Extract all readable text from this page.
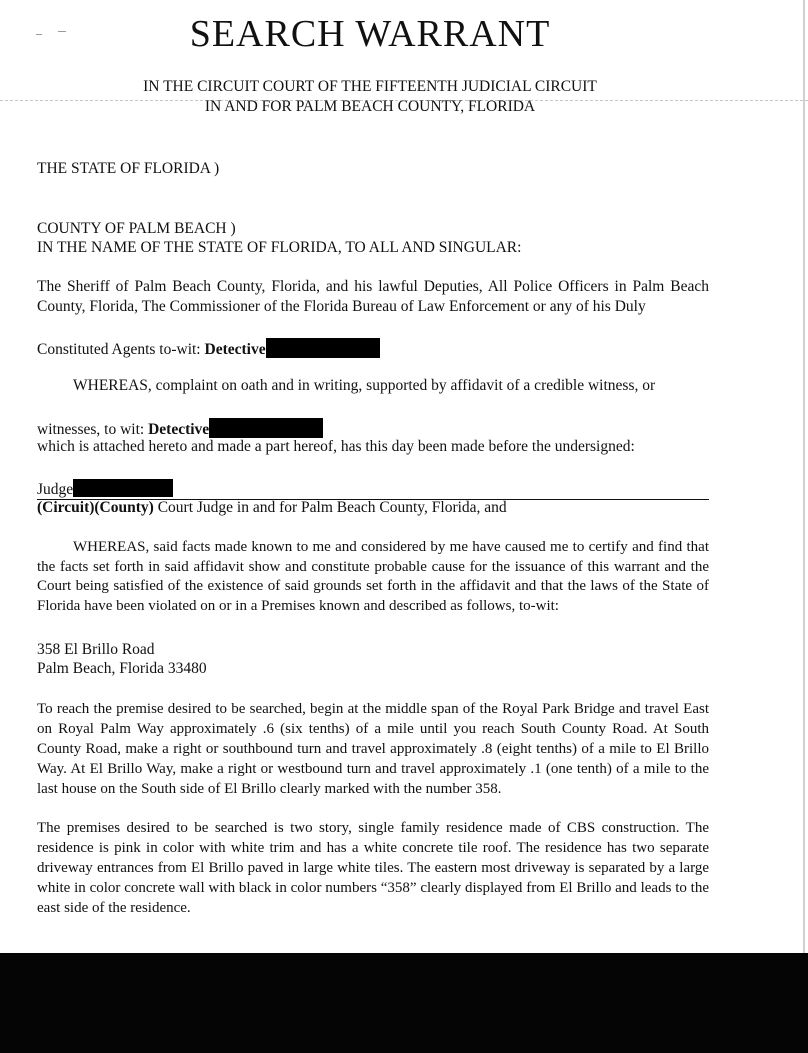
SEARCH WARRANT
IN THE CIRCUIT COURT OF THE FIFTEENTH JUDICIAL CIRCUIT
IN AND FOR PALM BEACH COUNTY, FLORIDA
THE STATE OF FLORIDA )
COUNTY OF PALM BEACH )
IN THE NAME OF THE STATE OF FLORIDA, TO ALL AND SINGULAR:
The Sheriff of Palm Beach County, Florida, and his lawful Deputies, All Police Officers in Palm Beach County, Florida, The Commissioner of the Florida Bureau of Law Enforcement or any of his Duly
Constituted Agents to-wit: Detective
WHEREAS, complaint on oath and in writing, supported by affidavit of a credible witness, or
witnesses, to wit: Detective
which is attached hereto and made a part hereof, has this day been made before the undersigned:
Judge
(Circuit)(County) Court Judge in and for Palm Beach County, Florida, and
WHEREAS, said facts made known to me and considered by me have caused me to certify and find that the facts set forth in said affidavit show and constitute probable cause for the issuance of this warrant and the Court being satisfied of the existence of said grounds set forth in the affidavit and that the laws of the State of Florida have been violated on or in a Premises known and described as follows, to-wit:
358 El Brillo Road
Palm Beach, Florida 33480
To reach the premise desired to be searched, begin at the middle span of the Royal Park Bridge and travel East on Royal Palm Way approximately .6 (six tenths) of a mile until you reach South County Road. At South County Road, make a right or southbound turn and travel approximately .8 (eight tenths) of a mile to El Brillo Way. At El Brillo Way, make a right or westbound turn and travel approximately .1 (one tenth) of a mile to the last house on the South side of El Brillo clearly marked with the number 358.
The premises desired to be searched is two story, single family residence made of CBS construction. The residence is pink in color with white trim and has a white concrete tile roof. The residence has two separate driveway entrances from El Brillo paved in large white tiles. The eastern most driveway is separated by a large white in color concrete wall with black in color numbers “358” clearly displayed from El Brillo and leads to the east side of the residence.
